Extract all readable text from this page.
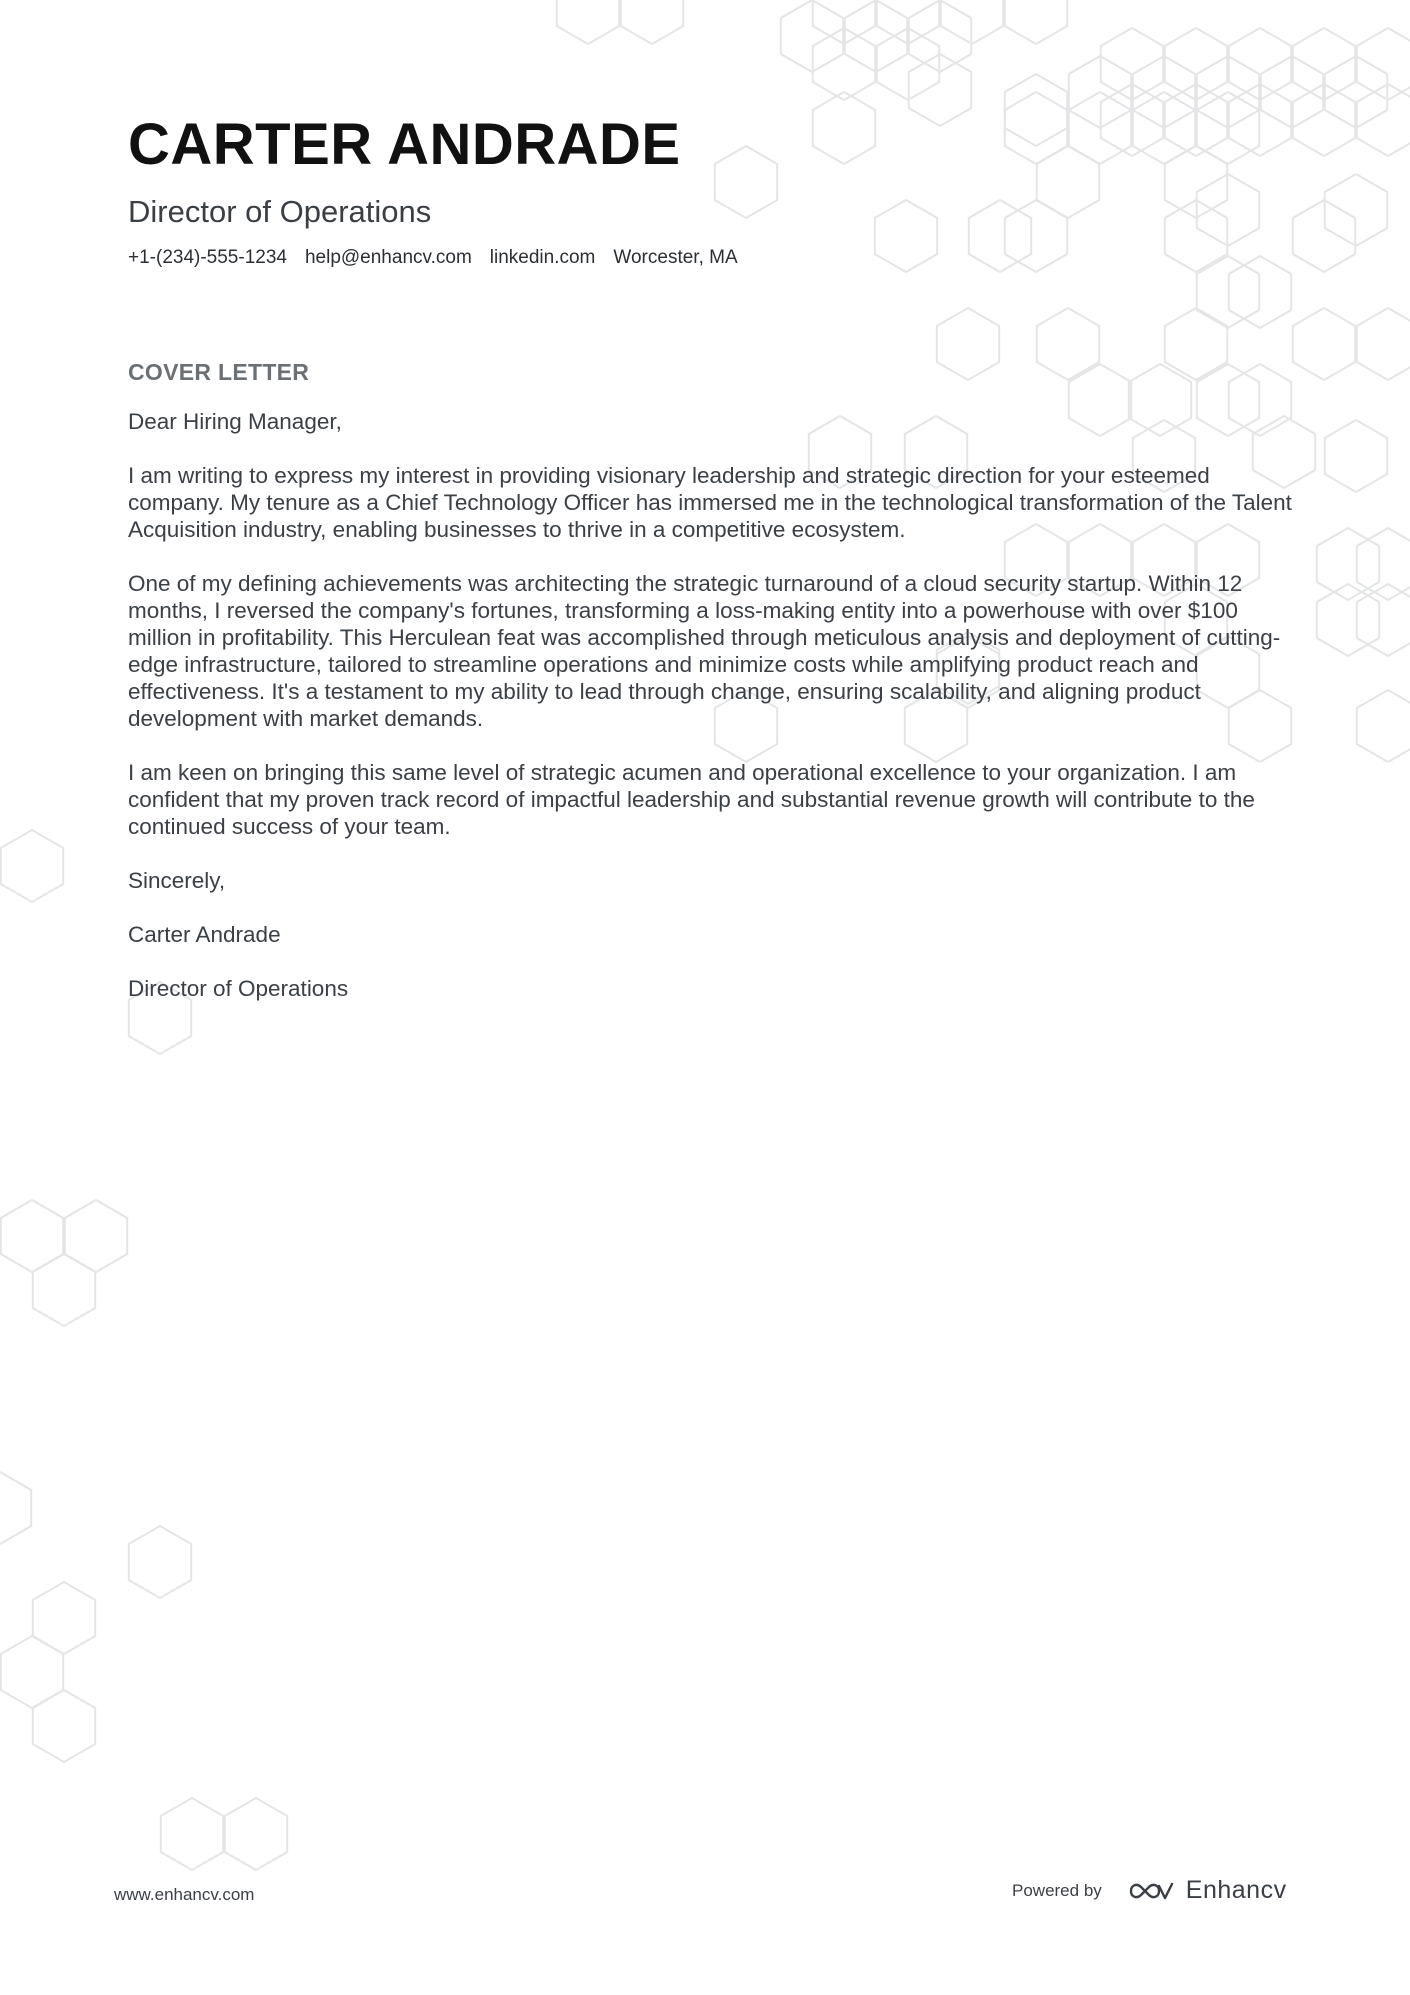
CARTER ANDRADE
Director of Operations
+1-(234)-555-1234 help@enhancv.com linkedin.com Worcester, MA
COVER LETTER

Dear Hiring Manager,

I am writing to express my interest in providing visionary leadership and strategic direction for your esteemed company. My tenure as a Chief Technology Officer has immersed me in the technological transformation of the Talent Acquisition industry, enabling businesses to thrive in a competitive ecosystem.

One of my defining achievements was architecting the strategic turnaround of a cloud security startup. Within 12 months, I reversed the company's fortunes, transforming a loss-making entity into a powerhouse with over $100 million in profitability. This Herculean feat was accomplished through meticulous analysis and deployment of cutting-edge infrastructure, tailored to streamline operations and minimize costs while amplifying product reach and effectiveness. It's a testament to my ability to lead through change, ensuring scalability, and aligning product development with market demands.

I am keen on bringing this same level of strategic acumen and operational excellence to your organization. I am confident that my proven track record of impactful leadership and substantial revenue growth will contribute to the continued success of your team.

Sincerely,

Carter Andrade

Director of Operations

www.enhancv.com	Powered by	Enhancv
